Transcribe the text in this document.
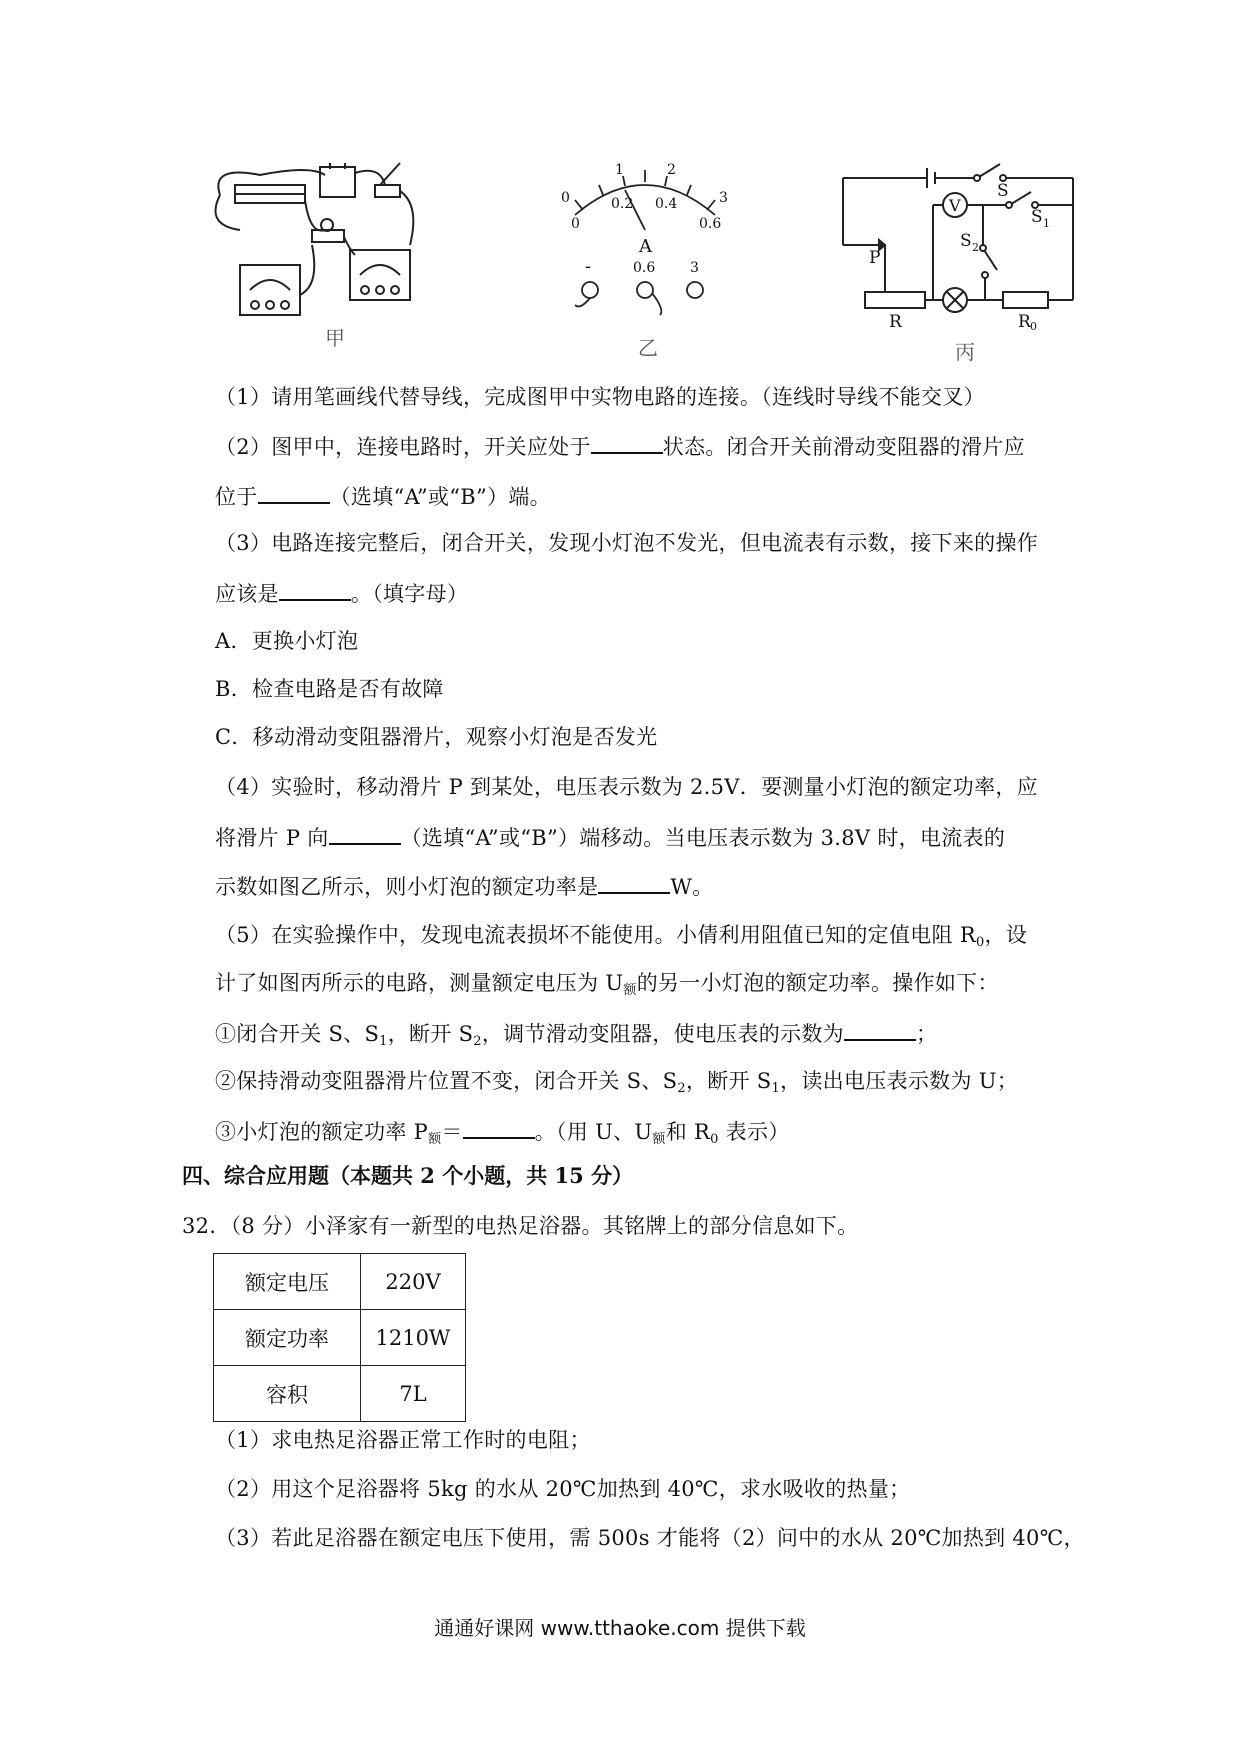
甲
0
1	2
3
0
0.2 0.4
0.6
A
-	0.6 3
乙
S
S 1
S 2
V
P
R	R 0
丙
（1）请用笔画线代替导线，完成图甲中实物电路的连接。（连线时导线不能交叉）
（2）图甲中，连接电路时，开关应处于	状态。闭合开关前滑动变阻器的滑片应
位于	（选填“A”或“B”）端。
（3）电路连接完整后，闭合开关，发现小灯泡不发光，但电流表有示数，接下来的操作
应该是	。（填字母）
A．更换小灯泡
B．检查电路是否有故障
C．移动滑动变阻器滑片，观察小灯泡是否发光
（4）实验时，移动滑片 P 到某处，电压表示数为 2.5V．要测量小灯泡的额定功率，应
将滑片 P 向	（选填“A”或“B”）端移动。当电压表示数为 3.8V 时，电流表的
示数如图乙所示，则小灯泡的额定功率是	W。
（5）在实验操作中，发现电流表损坏不能使用。小倩利用阻值已知的定值电阻 $R_0$，设
计了如图丙所示的电路，测量额定电压为 $U_额$的另一小灯泡的额定功率。操作如下：
①闭合开关 S、$S_1$，断开 $S_2$，调节滑动变阻器，使电压表的示数为	；
②保持滑动变阻器滑片位置不变，闭合开关 S、$S_2$，断开 $S_1$，读出电压表示数为 U；
③小灯泡的额定功率 $P_额=$	。（用 U、$U_额$和 $R_0$ 表示）
四、综合应用题（本题共 2 个小题，共 15 分）
32．（8 分）小泽家有一新型的电热足浴器。其铭牌上的部分信息如下。
额定电压	220V
额定功率	1210W
容积	7L
（1）求电热足浴器正常工作时的电阻；
（2）用这个足浴器将 5kg 的水从 20℃加热到 40℃，求水吸收的热量；
（3）若此足浴器在额定电压下使用，需 500s 才能将（2）问中的水从 20℃加热到 40℃，
通通好课网 www.tthaoke.com 提供下载
